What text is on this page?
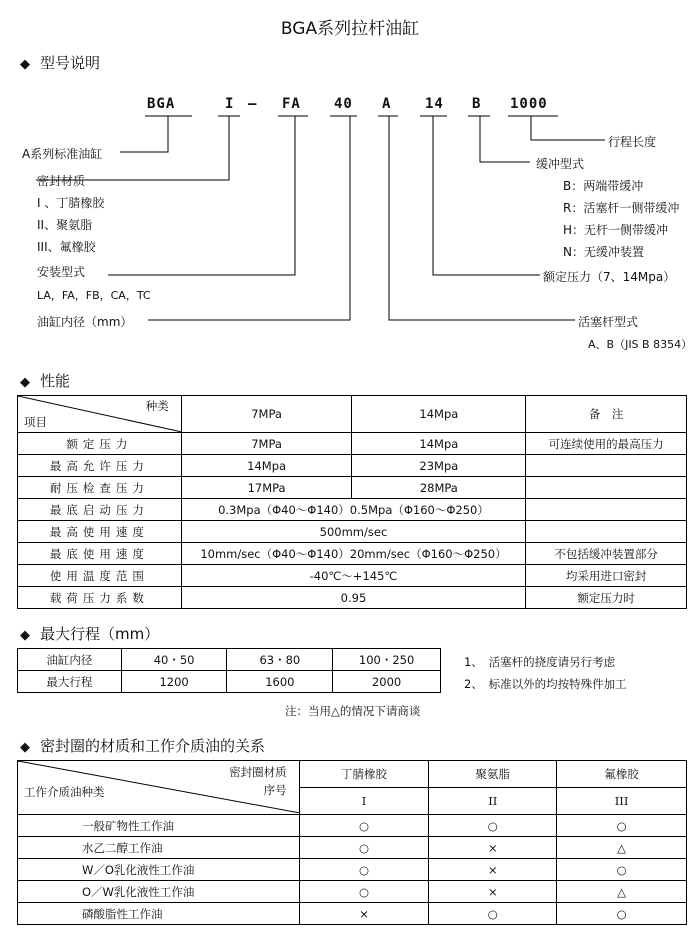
BGA系列拉杆油缸
◆ 型号说明
BGA	I — FA 40 A 14 B 1000
A系列标准油缸
密封材质
I 、丁腈橡胶
II、聚氨脂
III、氟橡胶
安装型式
LA，FA，FB，CA，TC
油缸内径（mm）
行程长度
缓冲型式
B：两端带缓冲
R：活塞杆一侧带缓冲
H：无杆一侧带缓冲
N：无缓冲装置
额定压力（7、14Mpa）
活塞杆型式
A、B（JIS B 8354）
◆ 性能
种类
项目	7MPa	14Mpa	备　注
额定压力	7MPa	14Mpa	可连续使用的最高压力
最高允许压力	14Mpa	23Mpa	
耐压检查压力	17MPa	28MPa	
最底启动压力	0.3Mpa（Φ40～Φ140）0.5Mpa（Φ160～Φ250）		
最高使用速度	500mm/sec		
最底使用速度	10mm/sec（Φ40～Φ140）20mm/sec（Φ160～Φ250）		不包括缓冲装置部分
使用温度范围	-40℃～+145℃		均采用进口密封
载荷压力系数	0.95		额定压力时
◆ 最大行程（mm）
油缸内径	40・50	63・80	100・250
最大行程	1200	1600	2000
1、　活塞杆的挠度请另行考虑
2、　标准以外的均按特殊件加工
注：当用△的情况下请商谈
◆ 密封圈的材质和工作介质油的关系
密封圈材质
序号
工作介质油种类	丁腈橡胶	聚氨脂	氟橡胶
	I	II	III
一般矿物性工作油	○	○	○
水乙二醇工作油	○	×	△
W／O乳化液性工作油	○	×	○
O／W乳化液性工作油	○	×	△
磷酸脂性工作油	×	○	○
